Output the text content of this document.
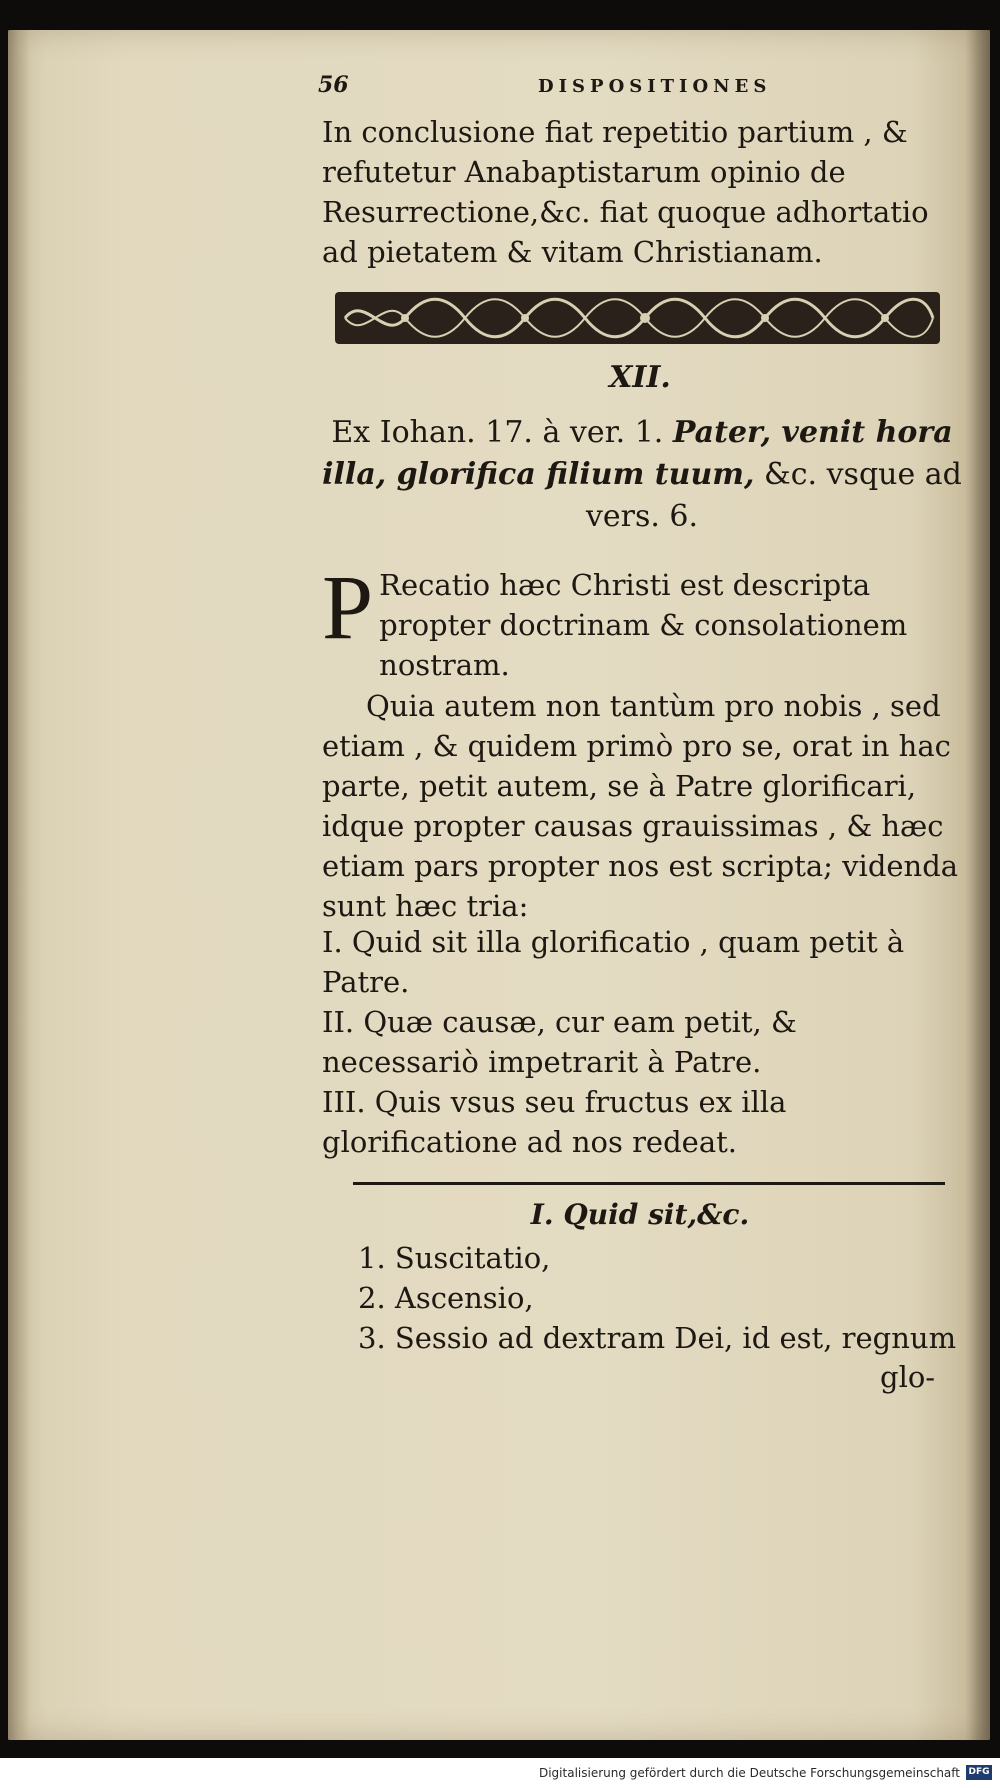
56	DISPOSITIONES
In conclusione fiat repetitio partium , & refutetur Anabaptistarum opinio de Resurrectione,&c. fiat quoque adhortatio ad pietatem & vitam Christianam.
XII.
Ex Iohan. 17. à ver. 1. Pater, venit hora illa, glorifica filium tuum, &c. vsque ad vers. 6.
P Recatio hæc Christi est descripta propter doctrinam & consolationem nostram.
Quia autem non tantùm pro nobis , sed etiam , & quidem primò pro se, orat in hac parte, petit autem, se à Patre glorificari, idque propter causas grauissimas , & hæc etiam pars propter nos est scripta; videnda sunt hæc tria:
I. Quid sit illa glorificatio , quam petit à Patre.
II. Quæ causæ, cur eam petit, & necessariò impetrarit à Patre.
III. Quis vsus seu fructus ex illa glorificatione ad nos redeat.
I. Quid sit,&c.
1. Suscitatio,
2. Ascensio,
3. Sessio ad dextram Dei, id est, regnum
glo-
Digitalisierung gefördert durch die Deutsche Forschungsgemeinschaft DFG
